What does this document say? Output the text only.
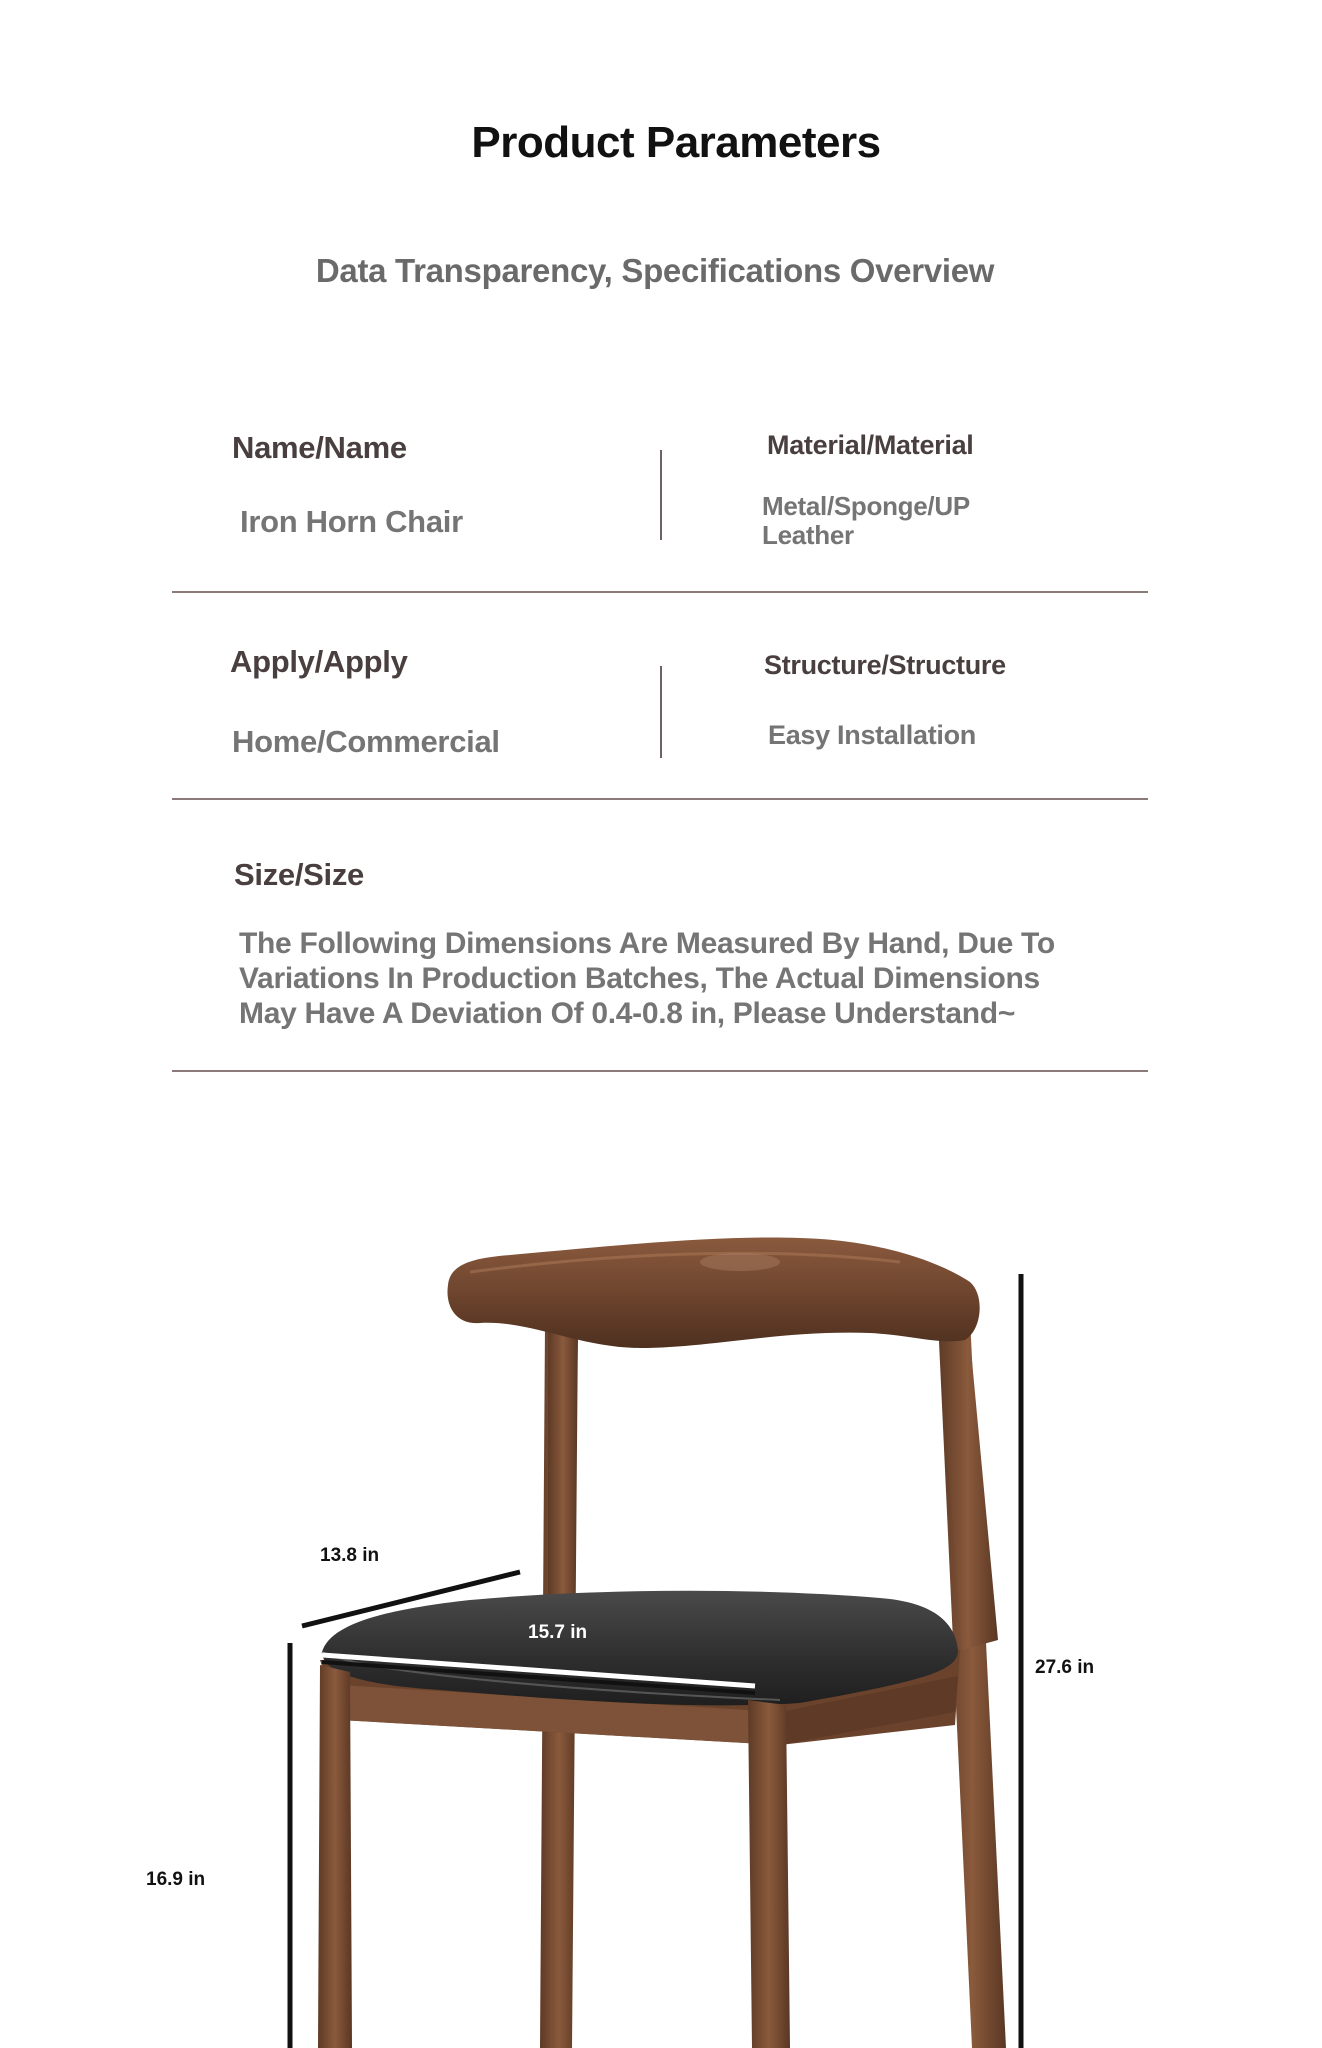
Product Parameters
Data Transparency, Specifications Overview
Name/Name
Iron Horn Chair
Material/Material
Metal/Sponge/UP
Leather
Apply/Apply
Home/Commercial
Structure/Structure
Easy Installation
Size/Size
The Following Dimensions Are Measured By Hand, Due To
Variations In Production Batches, The Actual Dimensions
May Have A Deviation Of 0.4-0.8 in, Please Understand~
13.8 in
15.7 in
27.6 in
16.9 in
